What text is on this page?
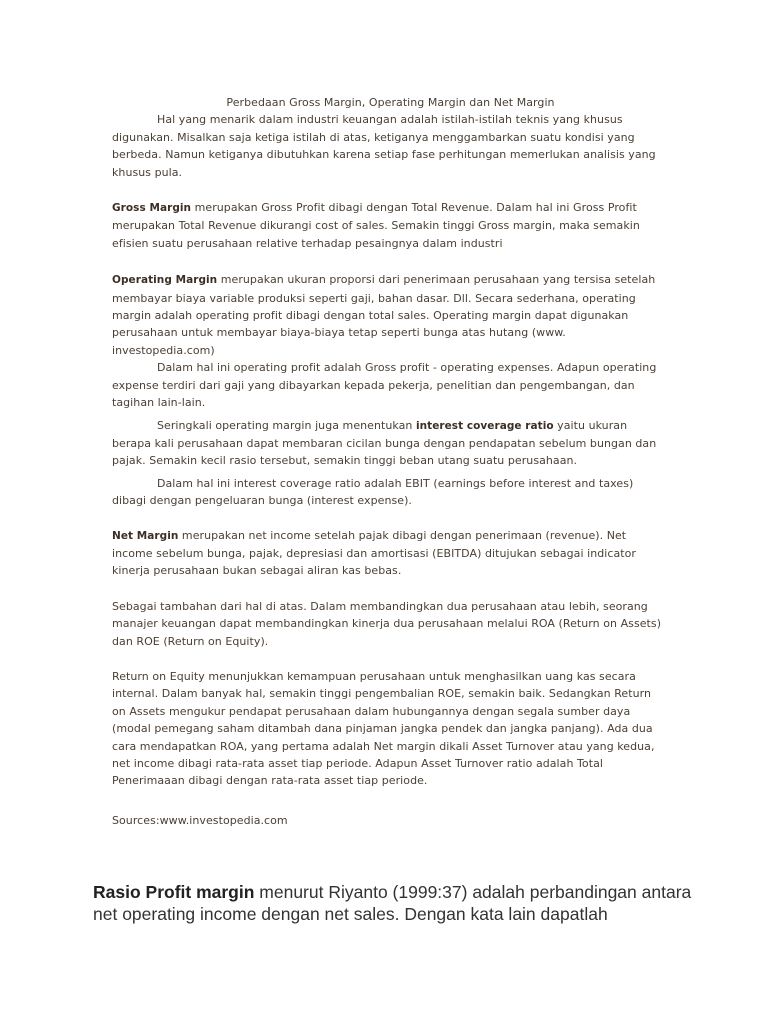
Perbedaan Gross Margin, Operating Margin dan Net Margin

Hal yang menarik dalam industri keuangan adalah istilah-istilah teknis yang khusus digunakan. Misalkan saja ketiga istilah di atas, ketiganya menggambarkan suatu kondisi yang berbeda. Namun ketiganya dibutuhkan karena setiap fase perhitungan memerlukan analisis yang khusus pula.

Gross Margin merupakan Gross Profit dibagi dengan Total Revenue. Dalam hal ini Gross Profit merupakan Total Revenue dikurangi cost of sales. Semakin tinggi Gross margin, maka semakin efisien suatu perusahaan relative terhadap pesaingnya dalam industri

Operating Margin merupakan ukuran proporsi dari penerimaan perusahaan yang tersisa setelah membayar biaya variable produksi seperti gaji, bahan dasar. Dll. Secara sederhana, operating margin adalah operating profit dibagi dengan total sales. Operating margin dapat digunakan perusahaan untuk membayar biaya-biaya tetap seperti bunga atas hutang (www. investopedia.com)

Dalam hal ini operating profit adalah Gross profit - operating expenses. Adapun operating expense terdiri dari gaji yang dibayarkan kepada pekerja, penelitian dan pengembangan, dan tagihan lain-lain.

Seringkali operating margin juga menentukan interest coverage ratio yaitu ukuran berapa kali perusahaan dapat membaran cicilan bunga dengan pendapatan sebelum bungan dan pajak. Semakin kecil rasio tersebut, semakin tinggi beban utang suatu perusahaan.

Dalam hal ini interest coverage ratio adalah EBIT (earnings before interest and taxes) dibagi dengan pengeluaran bunga (interest expense).

Net Margin merupakan net income setelah pajak dibagi dengan penerimaan (revenue). Net income sebelum bunga, pajak, depresiasi dan amortisasi (EBITDA) ditujukan sebagai indicator kinerja perusahaan bukan sebagai aliran kas bebas.

Sebagai tambahan dari hal di atas. Dalam membandingkan dua perusahaan atau lebih, seorang manajer keuangan dapat membandingkan kinerja dua perusahaan melalui ROA (Return on Assets) dan ROE (Return on Equity).

Return on Equity menunjukkan kemampuan perusahaan untuk menghasilkan uang kas secara internal. Dalam banyak hal, semakin tinggi pengembalian ROE, semakin baik. Sedangkan Return on Assets mengukur pendapat perusahaan dalam hubungannya dengan segala sumber daya (modal pemegang saham ditambah dana pinjaman jangka pendek dan jangka panjang). Ada dua cara mendapatkan ROA, yang pertama adalah Net margin dikali Asset Turnover atau yang kedua, net income dibagi rata-rata asset tiap periode. Adapun Asset Turnover ratio adalah Total Penerimaaan dibagi dengan rata-rata asset tiap periode.

Sources:www.investopedia.com

Rasio Profit margin menurut Riyanto (1999:37) adalah perbandingan antara net operating income dengan net sales. Dengan kata lain dapatlah
